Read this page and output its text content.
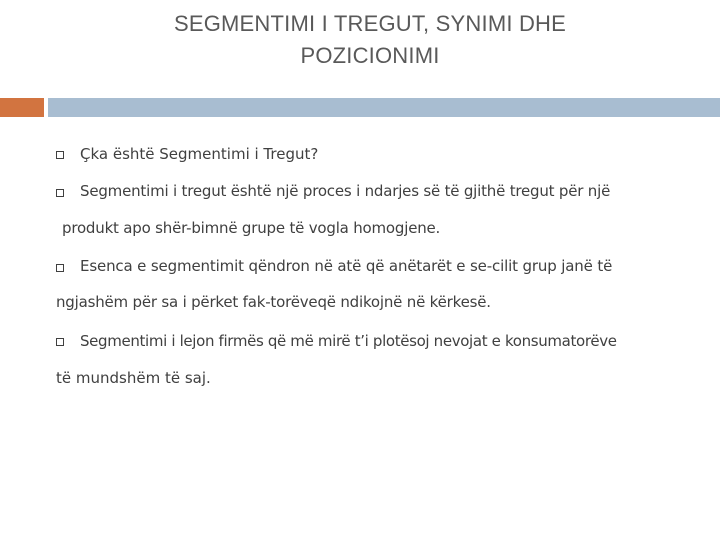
SEGMENTIMI I TREGUT, SYNIMI DHE
POZICIONIMI
Çka është Segmentimi i Tregut?
Segmentimi i tregut është një proces i ndarjes së të gjithë tregut për një
produkt apo shër-bimnë grupe të vogla homogjene.
Esenca e segmentimit qëndron në atë që anëtarët e se-cilit grup janë të
ngjashëm për sa i përket fak-torëveqë ndikojnë në kërkesë.
Segmentimi i lejon firmës që më mirë t’i plotësoj nevojat e konsumatorëve
të mundshëm të saj.
